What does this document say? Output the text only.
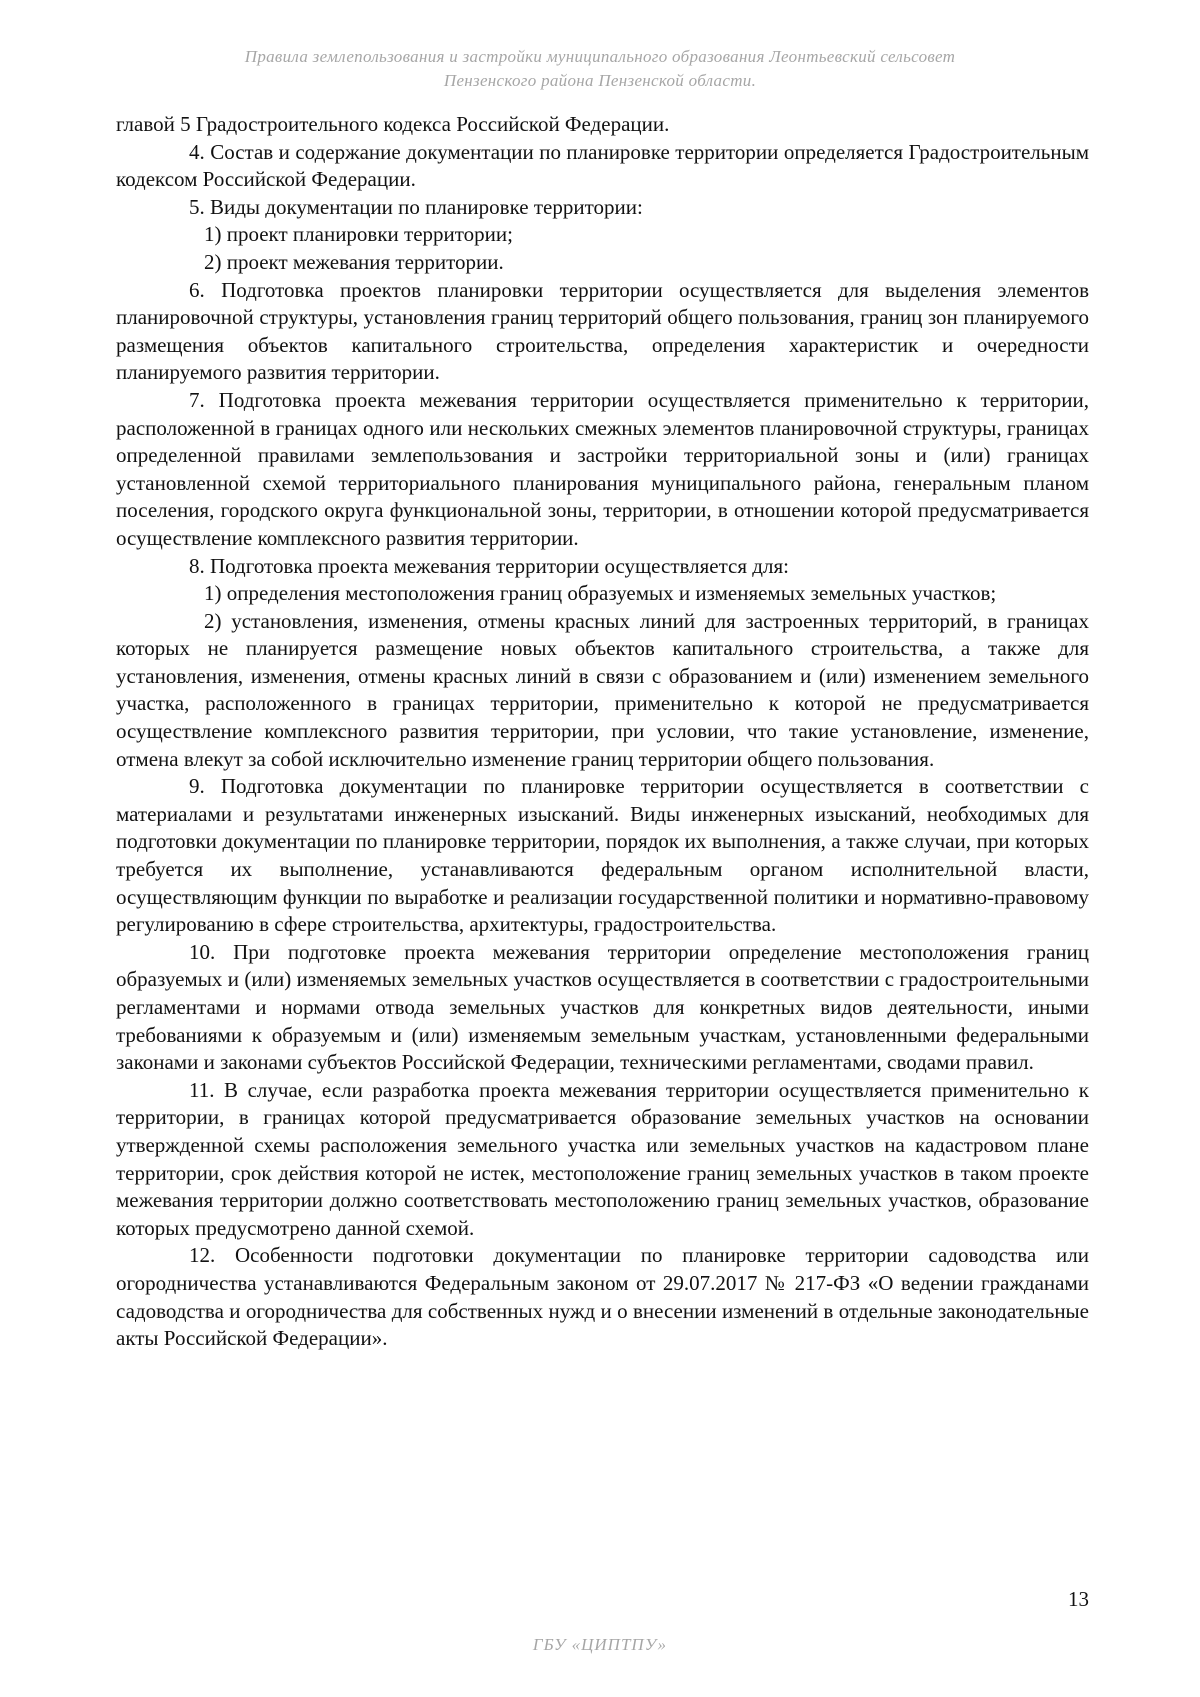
Правила землепользования и застройки муниципального образования Леонтьевский сельсовет
Пензенского района Пензенской области.

главой 5 Градостроительного кодекса Российской Федерации.

4. Состав и содержание документации по планировке территории определяется Градостроительным кодексом Российской Федерации.

5. Виды документации по планировке территории:

1) проект планировки территории;

2) проект межевания территории.

6. Подготовка проектов планировки территории осуществляется для выделения элементов планировочной структуры, установления границ территорий общего пользования, границ зон планируемого размещения объектов капитального строительства, определения характеристик и очередности планируемого развития территории.

7. Подготовка проекта межевания территории осуществляется применительно к территории, расположенной в границах одного или нескольких смежных элементов планировочной структуры, границах определенной правилами землепользования и застройки территориальной зоны и (или) границах установленной схемой территориального планирования муниципального района, генеральным планом поселения, городского округа функциональной зоны, территории, в отношении которой предусматривается осуществление комплексного развития территории.

8. Подготовка проекта межевания территории осуществляется для:

1) определения местоположения границ образуемых и изменяемых земельных участков;

2) установления, изменения, отмены красных линий для застроенных территорий, в границах которых не планируется размещение новых объектов капитального строительства, а также для установления, изменения, отмены красных линий в связи с образованием и (или) изменением земельного участка, расположенного в границах территории, применительно к которой не предусматривается осуществление комплексного развития территории, при условии, что такие установление, изменение, отмена влекут за собой исключительно изменение границ территории общего пользования.

9. Подготовка документации по планировке территории осуществляется в соответствии с материалами и результатами инженерных изысканий. Виды инженерных изысканий, необходимых для подготовки документации по планировке территории, порядок их выполнения, а также случаи, при которых требуется их выполнение, устанавливаются федеральным органом исполнительной власти, осуществляющим функции по выработке и реализации государственной политики и нормативно-правовому регулированию в сфере строительства, архитектуры, градостроительства.

10. При подготовке проекта межевания территории определение местоположения границ образуемых и (или) изменяемых земельных участков осуществляется в соответствии с градостроительными регламентами и нормами отвода земельных участков для конкретных видов деятельности, иными требованиями к образуемым и (или) изменяемым земельным участкам, установленными федеральными законами и законами субъектов Российской Федерации, техническими регламентами, сводами правил.

11. В случае, если разработка проекта межевания территории осуществляется применительно к территории, в границах которой предусматривается образование земельных участков на основании утвержденной схемы расположения земельного участка или земельных участков на кадастровом плане территории, срок действия которой не истек, местоположение границ земельных участков в таком проекте межевания территории должно соответствовать местоположению границ земельных участков, образование которых предусмотрено данной схемой.

12. Особенности подготовки документации по планировке территории садоводства или огородничества устанавливаются Федеральным законом от 29.07.2017 № 217-ФЗ «О ведении гражданами садоводства и огородничества для собственных нужд и о внесении изменений в отдельные законодательные акты Российской Федерации».

13
ГБУ «ЦИПТПУ»
